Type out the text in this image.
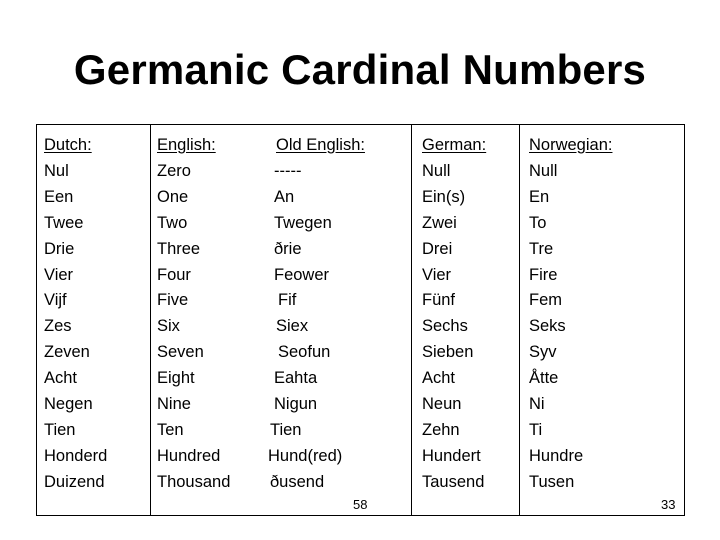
Germanic Cardinal Numbers
Dutch:
Nul
Een
Twee
Drie
Vier
Vijf
Zes
Zeven
Acht
Negen
Tien
Honderd
Duizend
English:
Zero
One
Two
Three
Four
Five
Six
Seven
Eight
Nine
Ten
Hundred
Thousand
Old English:
-----
An
Twegen
ðrie
Feower
Fif
Siex
Seofun
Eahta
Nigun
Tien
Hund(red)
ðusend
German:
Null
Ein(s)
Zwei
Drei
Vier
Fünf
Sechs
Sieben
Acht
Neun
Zehn
Hundert
Tausend
Norwegian:
Null
En
To
Tre
Fire
Fem
Seks
Syv
Åtte
Ni
Ti
Hundre
Tusen
58	33
